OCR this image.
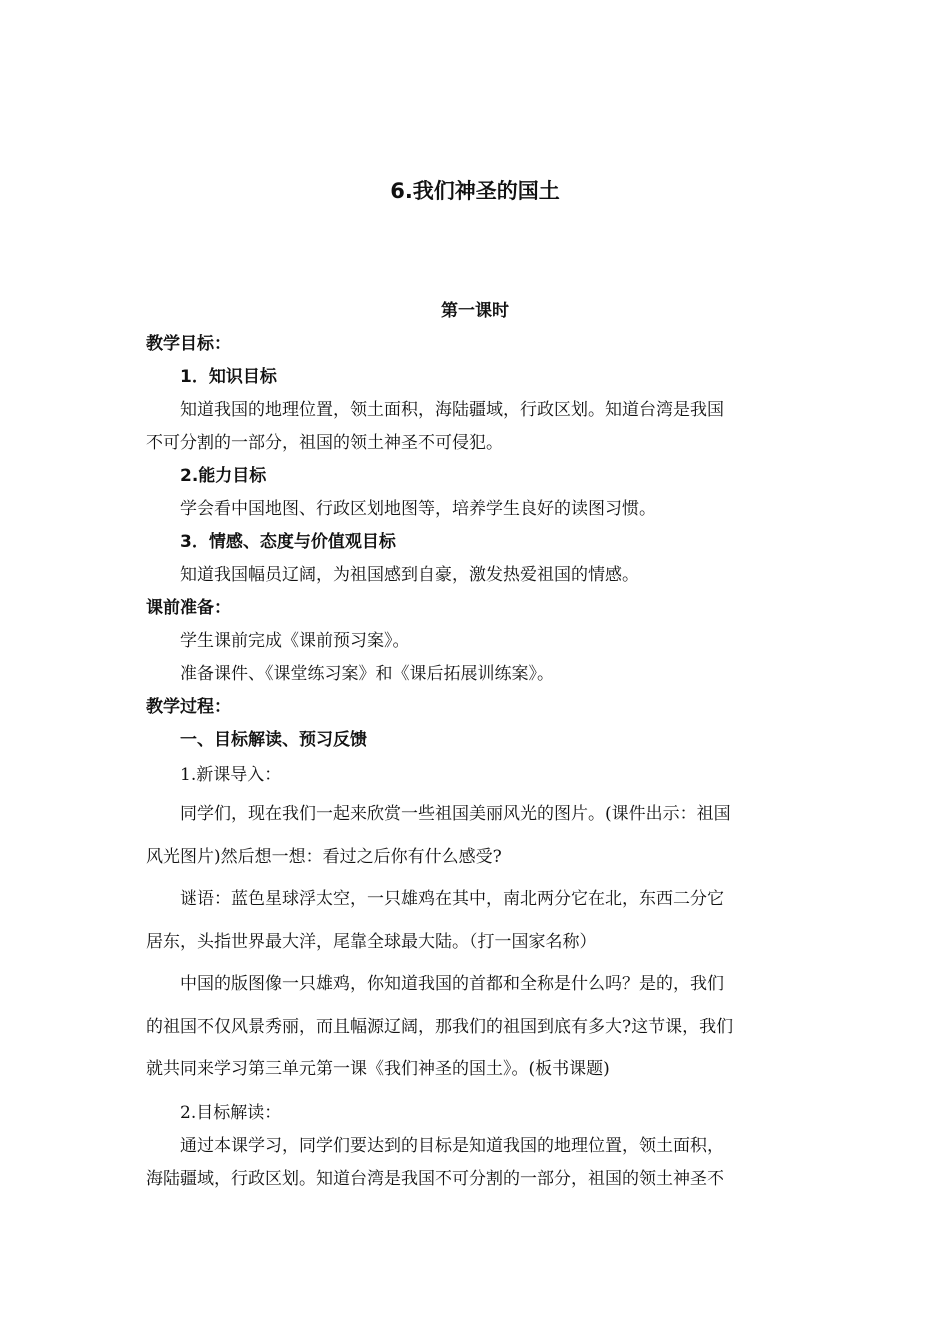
6.我们神圣的国土

第一课时

教学目标：

1．知识目标

知道我国的地理位置，领土面积，海陆疆域，行政区划。知道台湾是我国

不可分割的一部分，祖国的领土神圣不可侵犯。

2.能力目标

学会看中国地图、行政区划地图等，培养学生良好的读图习惯。

3．情感、态度与价值观目标

知道我国幅员辽阔，为祖国感到自豪，激发热爱祖国的情感。

课前准备：

学生课前完成《课前预习案》。

准备课件、《课堂练习案》和《课后拓展训练案》。

教学过程：

一、目标解读、预习反馈

1.新课导入：

同学们，现在我们一起来欣赏一些祖国美丽风光的图片。(课件出示：祖国

风光图片)然后想一想：看过之后你有什么感受?

谜语：蓝色星球浮太空，一只雄鸡在其中，南北两分它在北，东西二分它

居东，头指世界最大洋，尾靠全球最大陆。（打一国家名称）

中国的版图像一只雄鸡，你知道我国的首都和全称是什么吗？是的，我们

的祖国不仅风景秀丽，而且幅源辽阔，那我们的祖国到底有多大?这节课，我们

就共同来学习第三单元第一课《我们神圣的国土》。(板书课题)

2.目标解读：

通过本课学习，同学们要达到的目标是知道我国的地理位置，领土面积，

海陆疆域，行政区划。知道台湾是我国不可分割的一部分，祖国的领土神圣不
